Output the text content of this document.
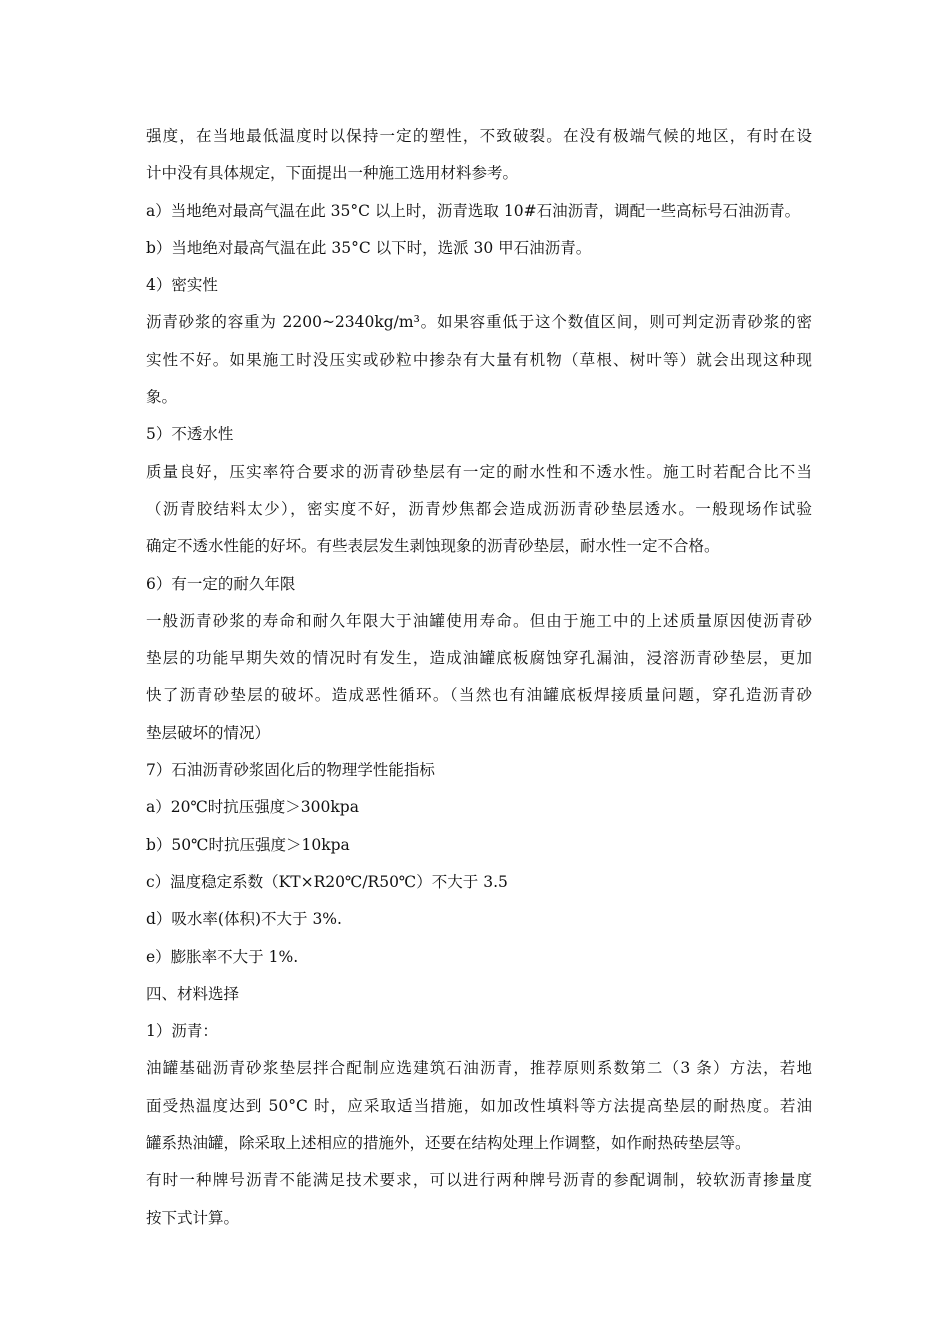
强度，在当地最低温度时以保持一定的塑性，不致破裂。在没有极端气候的地区，有时在设
计中没有具体规定，下面提出一种施工选用材料参考。
a）当地绝对最高气温在此 35°C 以上时，沥青选取 10#石油沥青，调配一些高标号石油沥青。
b）当地绝对最高气温在此 35°C 以下时，选派 30 甲石油沥青。
4）密实性
沥青砂浆的容重为 2200~2340kg/m³。如果容重低于这个数值区间，则可判定沥青砂浆的密
实性不好。如果施工时没压实或砂粒中掺杂有大量有机物（草根、树叶等）就会出现这种现
象。
5）不透水性
质量良好，压实率符合要求的沥青砂垫层有一定的耐水性和不透水性。施工时若配合比不当
（沥青胶结料太少），密实度不好，沥青炒焦都会造成沥沥青砂垫层透水。一般现场作试验
确定不透水性能的好坏。有些表层发生剥蚀现象的沥青砂垫层，耐水性一定不合格。
6）有一定的耐久年限
一般沥青砂浆的寿命和耐久年限大于油罐使用寿命。但由于施工中的上述质量原因使沥青砂
垫层的功能早期失效的情况时有发生，造成油罐底板腐蚀穿孔漏油，浸溶沥青砂垫层，更加
快了沥青砂垫层的破坏。造成恶性循环。（当然也有油罐底板焊接质量问题，穿孔造沥青砂
垫层破坏的情况）
7）石油沥青砂浆固化后的物理学性能指标
a）20℃时抗压强度＞300kpa
b）50℃时抗压强度＞10kpa
c）温度稳定系数（KT×R20℃/R50℃）不大于 3.5
d）吸水率(体积)不大于 3%.
e）膨胀率不大于 1%.
四、材料选择
1）沥青：
油罐基础沥青砂浆垫层拌合配制应选建筑石油沥青，推荐原则系数第二（3 条）方法，若地
面受热温度达到 50°C 时，应采取适当措施，如加改性填料等方法提高垫层的耐热度。若油
罐系热油罐，除采取上述相应的措施外，还要在结构处理上作调整，如作耐热砖垫层等。
有时一种牌号沥青不能满足技术要求，可以进行两种牌号沥青的参配调制，较软沥青掺量度
按下式计算。
